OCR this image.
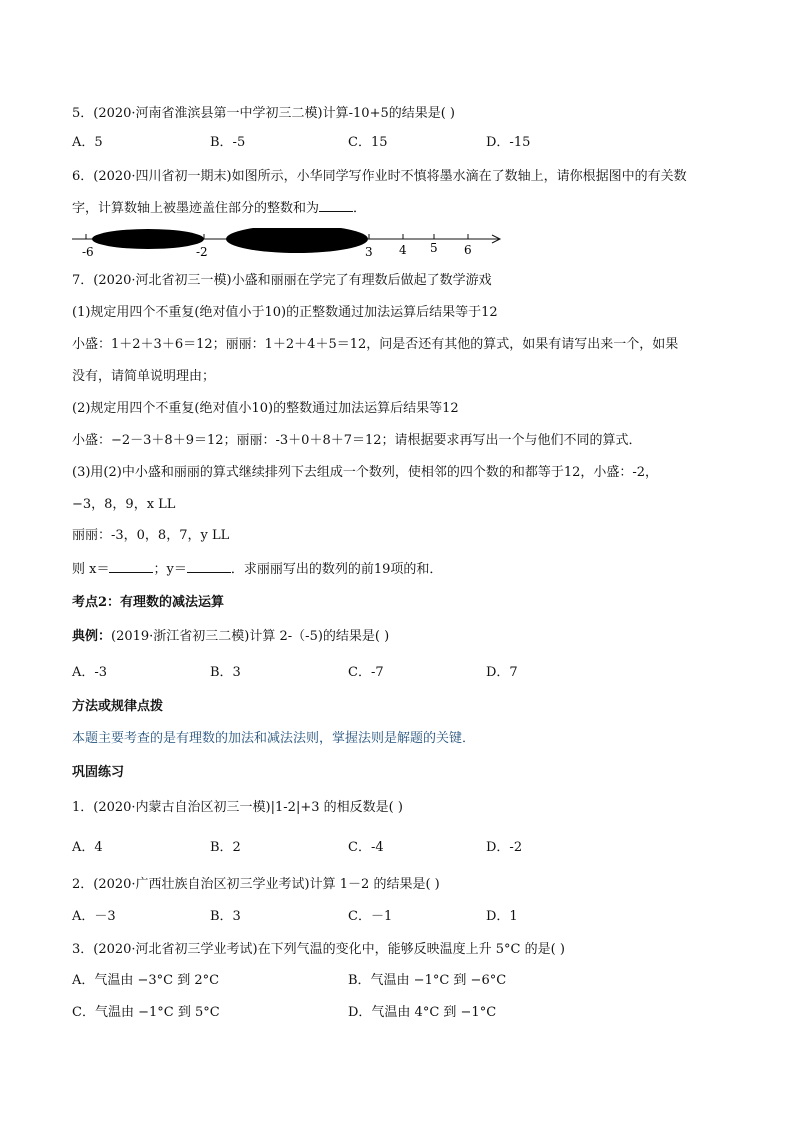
5．(2020·河南省淮滨县第一中学初三二模)计算-10+5的结果是( )
A．5	B．-5	C．15	D．-15
6．(2020·四川省初一期末)如图所示，小华同学写作业时不慎将墨水滴在了数轴上，请你根据图中的有关数
字，计算数轴上被墨迹盖住部分的整数和为	．
-6	-2	3 4 5 6
7．(2020·河北省初三一模)小盛和丽丽在学完了有理数后做起了数学游戏
(1)规定用四个不重复(绝对值小于10)的正整数通过加法运算后结果等于12
小盛：1＋2＋3＋6＝12；丽丽：1＋2＋4＋5＝12，问是否还有其他的算式，如果有请写出来一个，如果
没有，请简单说明理由；
(2)规定用四个不重复(绝对值小10)的整数通过加法运算后结果等12
小盛：−2－3＋8＋9＝12；丽丽：-3＋0＋8＋7＝12；请根据要求再写出一个与他们不同的算式．
(3)用(2)中小盛和丽丽的算式继续排列下去组成一个数列，使相邻的四个数的和都等于12，小盛：-2，
−3，8，9，x ⅬⅬ
丽丽：-3，0，8，7，y ⅬⅬ
则 x＝	；y＝	．求丽丽写出的数列的前19项的和．
考点2：有理数的减法运算
典例：(2019·浙江省初三二模)计算 2-（-5)的结果是( )
A．-3	B．3	C．-7	D．7
方法或规律点拨
本题主要考查的是有理数的加法和减法法则，掌握法则是解题的关键．
巩固练习
1．(2020·内蒙古自治区初三一模)|1-2|+3 的相反数是( )
A．4	B．2	C．-4	D．-2
2．(2020·广西壮族自治区初三学业考试)计算 1－2 的结果是( )
A．－3	B．3	C．－1	D．1
3．(2020·河北省初三学业考试)在下列气温的变化中，能够反映温度上升 5°C 的是( )
A．气温由 −3°C 到 2°C	B．气温由 −1°C 到 −6°C
C．气温由 −1°C 到 5°C	D．气温由 4°C 到 −1°C
